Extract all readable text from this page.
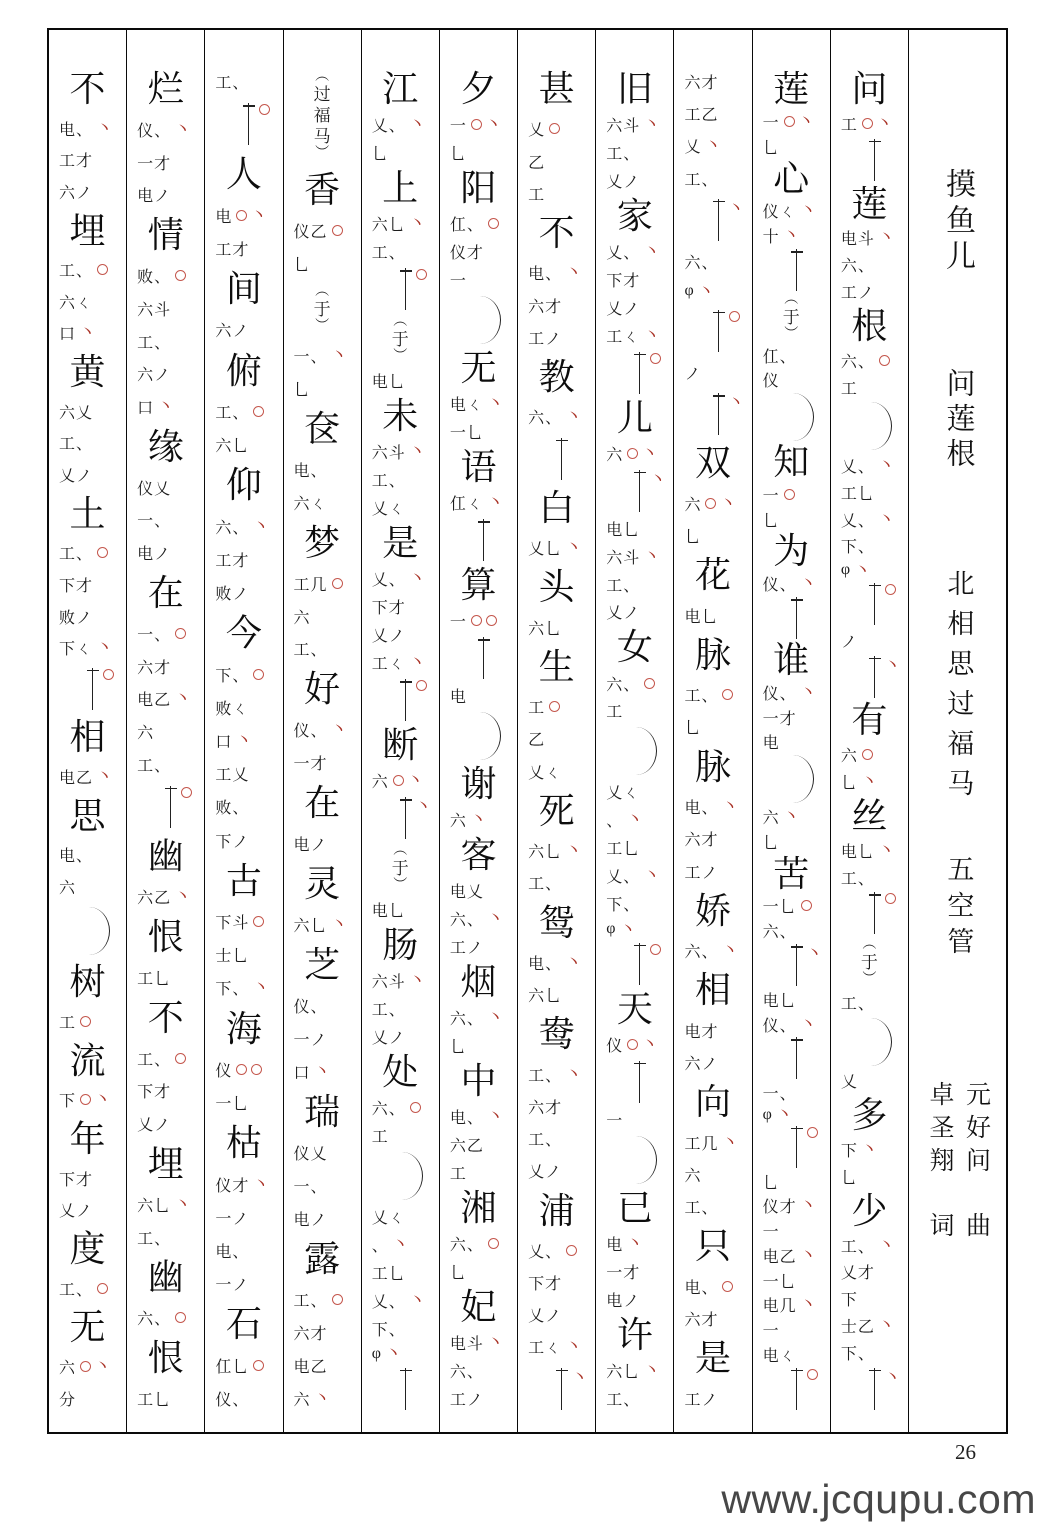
摸鱼儿
问莲根
北相思过福马
五空管
卓圣翔
词
元好问
曲
问
工 丶
莲
电斗 丶
六、
工ノ
根
六、
工
乂、 丶
工乚
乂、 丶
下、
φ 丶
ノ
丶
有
六
乚 丶
丝
电乚 丶
工、
︵
于
︶
工、
乂
多
下 丶
乚
少
工、 丶
乂才
下
士乙 丶
下、
丶
莲
一 丶
乚
心
仪ㄑ 丶
十 丶
︵
于
︶
仜、
仪
知
一
乚
为
仪、 丶
谁
仪、 丶
一才
电
六 丶
乚
苦
一乚
六、
丶
电乚
仪、 丶
一、
φ 丶
乚
仪才 丶
一
电乙 丶
一乚
电几 丶
一
电ㄑ
六才
工乙
乂 丶
工、
丶
六、
φ 丶
ノ
丶
双
六 丶
乚
花
电乚
脉
工、
乚
脉
电、 丶
六才
工ノ
娇
六、 丶
相
电才
六ノ
向
工几 丶
六
工、
只
电、
六才
是
工ノ
旧
六斗 丶
工、
乂ノ
家
乂、 丶
下才
乂ノ
工ㄑ 丶
儿
六 丶
丶
电乚
六斗 丶
工、
乂ノ
女
六、
工
乂ㄑ
、 丶
工乚
乂、 丶
下、
φ 丶
天
仪 丶
一
已
电 丶
一才
电ノ
许
六乚 丶
工、
甚
乂
乙
工
不
电、 丶
六才
工ノ
教
六、 丶
白
乂乚 丶
头
六乚
生
工
乙
乂ㄑ
死
六乚 丶
工、
鸳
电、 丶
六乚
鸯
工、 丶
六才
工、
乂ノ
浦
乂、
下才
乂ノ
工ㄑ 丶
丶
夕
一 丶
乚
阳
仜、
仪才
一
无
电ㄑ 丶
一乚
语
仜ㄑ 丶
算
一
电
谢
六 丶
客
电乂
六、 丶
工ノ
烟
六、 丶
乚
中
电、 丶
六乙
工
湘
六、
乚
妃
电斗 丶
六、
工ノ
江
乂、 丶
乚
上
六乚 丶
工、
︵
于
︶
电乚
未
六斗 丶
工、
乂ㄑ
是
乂、 丶
下才
乂ノ
工ㄑ 丶
断
六 丶
丶
︵
于
︶
电乚
肠
六斗 丶
工、
乂ノ
处
六、
工
乂ㄑ
、 丶
工乚
乂、 丶
下、
φ 丶
︵
过
福
马
︶
香
仪乙
乚
︵
于
︶
一、 丶
乚
奁
电、
六ㄑ
梦
工几
六
工、
好
仪、 丶
一才
在
电ノ
灵
六乚 丶
芝
仪、
一ノ
口 丶
瑞
仪乂
一、
电ノ
露
工、
六才
电乙
六 丶
工、
人
电 丶
工才
间
六ノ
俯
工、
六乚
仰
六、 丶
工才
败ノ
今
下、
败ㄑ
口 丶
工乂
败、
下ノ
古
下斗
士乚
下、 丶
海
仪
一乚
枯
仪才 丶
一ノ
电、
一ノ
石
仜乚
仪、
烂
仪、 丶
一才
电ノ
情
败、
六斗
工、
六ノ
口 丶
缘
仪乂
一、
电ノ
在
一、
六才
电乙 丶
六
工、
幽
六乙 丶
恨
工乚
不
工、
下才
乂ノ
埋
六乚 丶
工、
幽
六、
恨
工乚
不
电、 丶
工才
六ノ
埋
工、
六ㄑ
口 丶
黄
六乂
工、
乂ノ
土
工、
下才
败ノ
下ㄑ 丶
相
电乙 丶
思
电、
六
树
工
流
下 丶
年
下才
乂ノ
度
工、
无
六 丶
分
26
www.jcqupu.com
